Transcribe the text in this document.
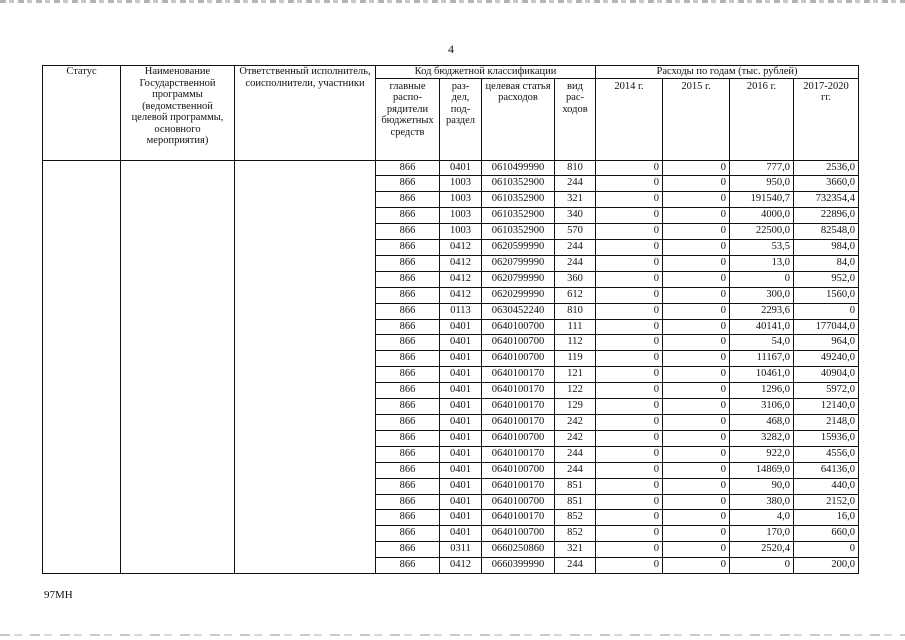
4
Статус	Наименование Государственной программы (ведомственной целевой программы, основного мероприятия)	Ответственный исполнитель, соисполнители, участники	Код бюджетной классификации				Расходы по годам (тыс. рублей)			
			главные распо-рядители бюджетных средств	раз-дел, под-раздел	целевая статья расходов	вид рас-ходов	2014 г.	2015 г.	2016 г.	2017-2020 гг.
			866	0401	0610499990	810	0	0	777,0	2536,0
			866	1003	0610352900	244	0	0	950,0	3660,0
			866	1003	0610352900	321	0	0	191540,7	732354,4
			866	1003	0610352900	340	0	0	4000,0	22896,0
			866	1003	0610352900	570	0	0	22500,0	82548,0
			866	0412	0620599990	244	0	0	53,5	984,0
			866	0412	0620799990	244	0	0	13,0	84,0
			866	0412	0620799990	360	0	0	0	952,0
			866	0412	0620299990	612	0	0	300,0	1560,0
			866	0113	0630452240	810	0	0	2293,6	0
			866	0401	0640100700	111	0	0	40141,0	177044,0
			866	0401	0640100700	112	0	0	54,0	964,0
			866	0401	0640100700	119	0	0	11167,0	49240,0
			866	0401	0640100170	121	0	0	10461,0	40904,0
			866	0401	0640100170	122	0	0	1296,0	5972,0
			866	0401	0640100170	129	0	0	3106,0	12140,0
			866	0401	0640100170	242	0	0	468,0	2148,0
			866	0401	0640100700	242	0	0	3282,0	15936,0
			866	0401	0640100170	244	0	0	922,0	4556,0
			866	0401	0640100700	244	0	0	14869,0	64136,0
			866	0401	0640100170	851	0	0	90,0	440,0
			866	0401	0640100700	851	0	0	380,0	2152,0
			866	0401	0640100170	852	0	0	4,0	16,0
			866	0401	0640100700	852	0	0	170,0	660,0
			866	0311	0660250860	321	0	0	2520,4	0
			866	0412	0660399990	244	0	0	0	200,0
97МН
